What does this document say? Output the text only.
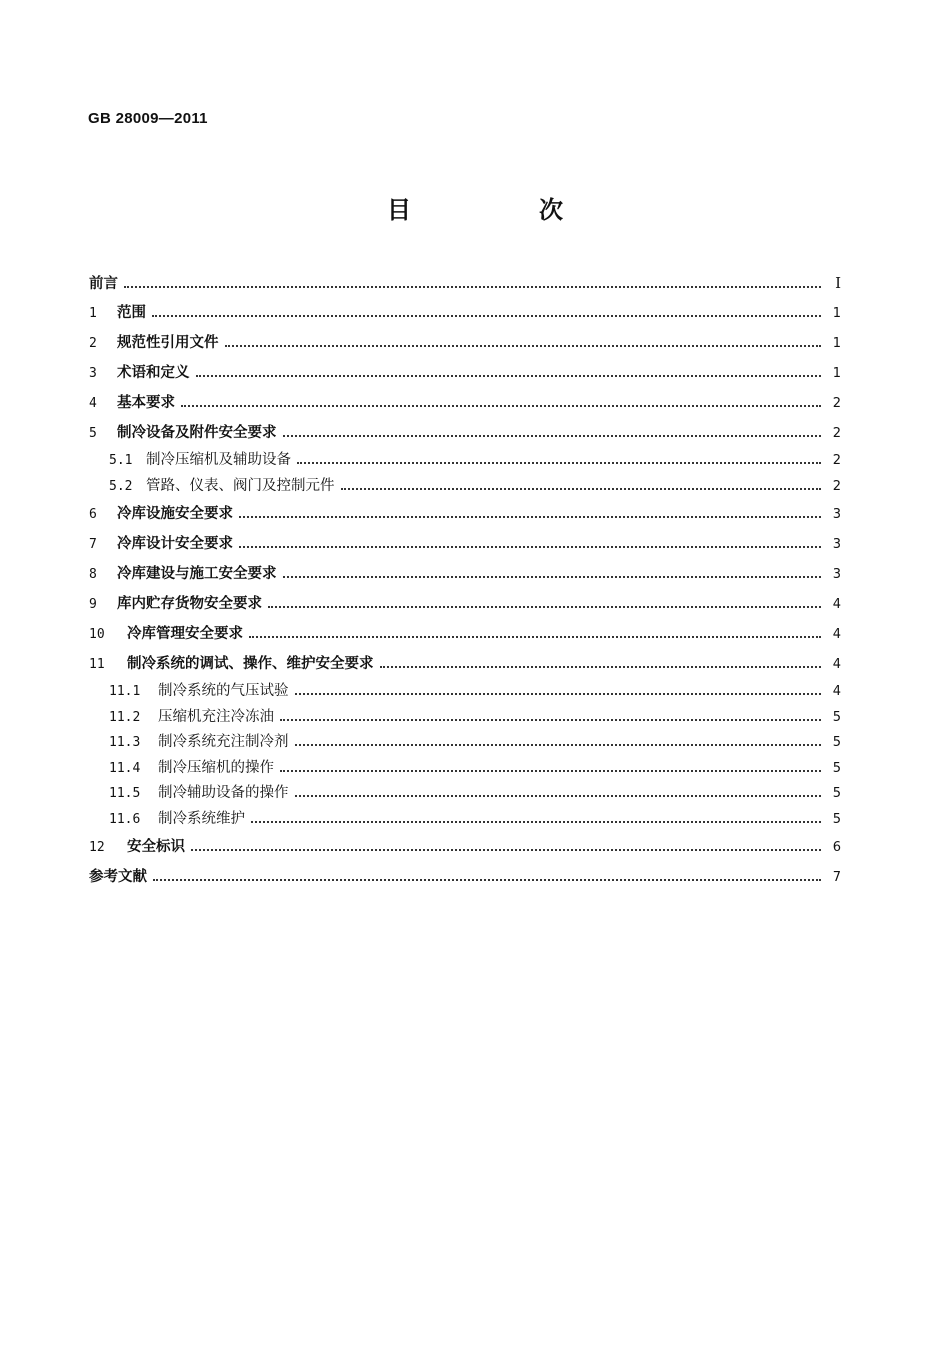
GB 28009—2011
目　次
前言	Ⅰ
1	范围	1
2	规范性引用文件	1
3	术语和定义	1
4	基本要求	2
5	制冷设备及附件安全要求	2
5.1 制冷压缩机及辅助设备	2
5.2 管路、仪表、阀门及控制元件	2
6	冷库设施安全要求	3
7	冷库设计安全要求	3
8	冷库建设与施工安全要求	3
9	库内贮存货物安全要求	4
10	冷库管理安全要求	4
11	制冷系统的调试、操作、维护安全要求	4
11.1	制冷系统的气压试验	4
11.2	压缩机充注冷冻油	5
11.3	制冷系统充注制冷剂	5
11.4	制冷压缩机的操作	5
11.5	制冷辅助设备的操作	5
11.6	制冷系统维护	5
12	安全标识	6
参考文献	7
